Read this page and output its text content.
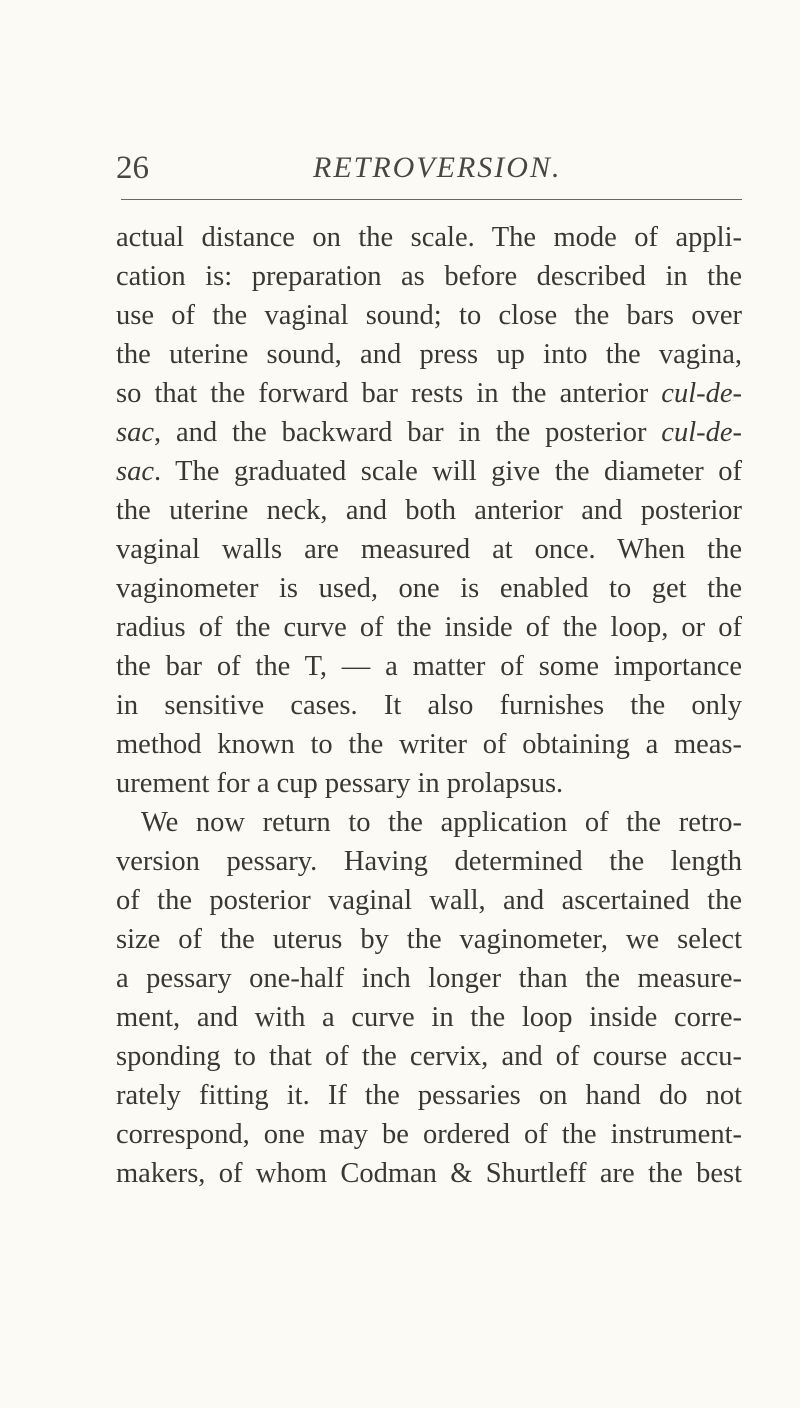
26	RETROVERSION.
actual distance on the scale. The mode of appli-
cation is: preparation as before described in the
use of the vaginal sound; to close the bars over
the uterine sound, and press up into the vagina,
so that the forward bar rests in the anterior cul-de-
sac, and the backward bar in the posterior cul-de-
sac. The graduated scale will give the diameter of
the uterine neck, and both anterior and posterior
vaginal walls are measured at once. When the
vaginometer is used, one is enabled to get the
radius of the curve of the inside of the loop, or of
the bar of the T, — a matter of some importance
in sensitive cases. It also furnishes the only
method known to the writer of obtaining a meas-
urement for a cup pessary in prolapsus.
We now return to the application of the retro-
version pessary. Having determined the length
of the posterior vaginal wall, and ascertained the
size of the uterus by the vaginometer, we select
a pessary one-half inch longer than the measure-
ment, and with a curve in the loop inside corre-
sponding to that of the cervix, and of course accu-
rately fitting it. If the pessaries on hand do not
correspond, one may be ordered of the instrument-
makers, of whom Codman & Shurtleff are the best
